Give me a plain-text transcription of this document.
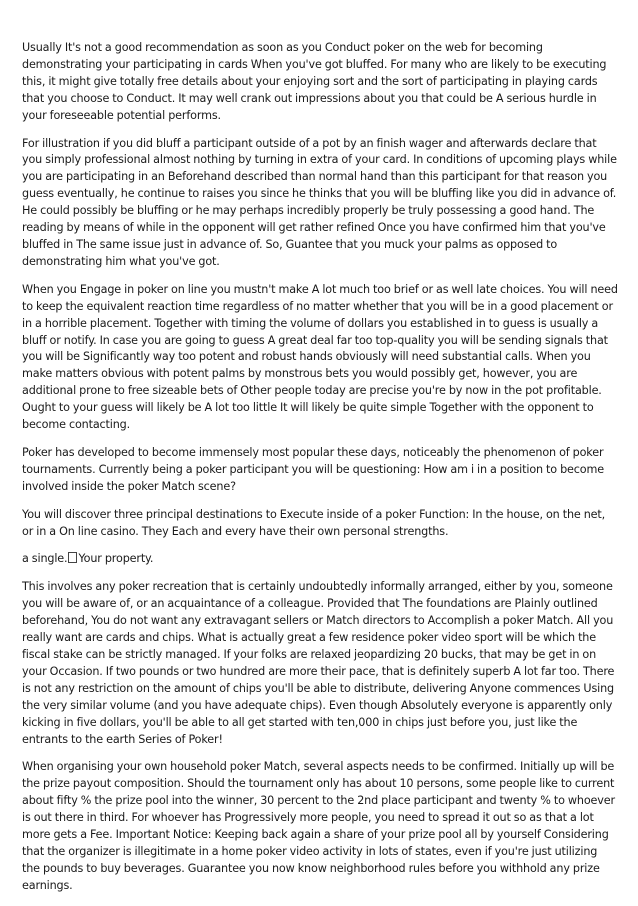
Usually It's not a good recommendation as soon as you Conduct poker on the web for becoming demonstrating your participating in cards When you've got bluffed. For many who are likely to be executing this, it might give totally free details about your enjoying sort and the sort of participating in playing cards that you choose to Conduct. It may well crank out impressions about you that could be A serious hurdle in your foreseeable potential performs.

For illustration if you did bluff a participant outside of a pot by an finish wager and afterwards declare that you simply professional almost nothing by turning in extra of your card. In conditions of upcoming plays while you are participating in an Beforehand described than normal hand than this participant for that reason you guess eventually, he continue to raises you since he thinks that you will be bluffing like you did in advance of. He could possibly be bluffing or he may perhaps incredibly properly be truly possessing a good hand. The reading by means of while in the opponent will get rather refined Once you have confirmed him that you've bluffed in The same issue just in advance of. So, Guantee that you muck your palms as opposed to demonstrating him what you've got.

When you Engage in poker on line you mustn't make A lot much too brief or as well late choices. You will need to keep the equivalent reaction time regardless of no matter whether that you will be in a good placement or in a horrible placement. Together with timing the volume of dollars you established in to guess is usually a bluff or notify. In case you are going to guess A great deal far too top-quality you will be sending signals that you will be Significantly way too potent and robust hands obviously will need substantial calls. When you make matters obvious with potent palms by monstrous bets you would possibly get, however, you are additional prone to free sizeable bets of Other people today are precise you're by now in the pot profitable. Ought to your guess will likely be A lot too little It will likely be quite simple Together with the opponent to become contacting.

Poker has developed to become immensely most popular these days, noticeably the phenomenon of poker tournaments. Currently being a poker participant you will be questioning: How am i in a position to become involved inside the poker Match scene?

You will discover three principal destinations to Execute inside of a poker Function: In the house, on the net, or in a On line casino. They Each and every have their own personal strengths.

a single. Your property.

This involves any poker recreation that is certainly undoubtedly informally arranged, either by you, someone you will be aware of, or an acquaintance of a colleague. Provided that The foundations are Plainly outlined beforehand, You do not want any extravagant sellers or Match directors to Accomplish a poker Match. All you really want are cards and chips. What is actually great a few residence poker video sport will be which the fiscal stake can be strictly managed. If your folks are relaxed jeopardizing 20 bucks, that may be get in on your Occasion. If two pounds or two hundred are more their pace, that is definitely superb A lot far too. There is not any restriction on the amount of chips you'll be able to distribute, delivering Anyone commences Using the very similar volume (and you have adequate chips). Even though Absolutely everyone is apparently only kicking in five dollars, you'll be able to all get started with ten,000 in chips just before you, just like the entrants to the earth Series of Poker!

When organising your own household poker Match, several aspects needs to be confirmed. Initially up will be the prize payout composition. Should the tournament only has about 10 persons, some people like to current about fifty % the prize pool into the winner, 30 percent to the 2nd place participant and twenty % to whoever is out there in third. For whoever has Progressively more people, you need to spread it out so as that a lot more gets a Fee. Important Notice: Keeping back again a share of your prize pool all by yourself Considering that the organizer is illegitimate in a home poker video activity in lots of states, even if you're just utilizing the pounds to buy beverages. Guarantee you now know neighborhood rules before you withhold any prize earnings.
